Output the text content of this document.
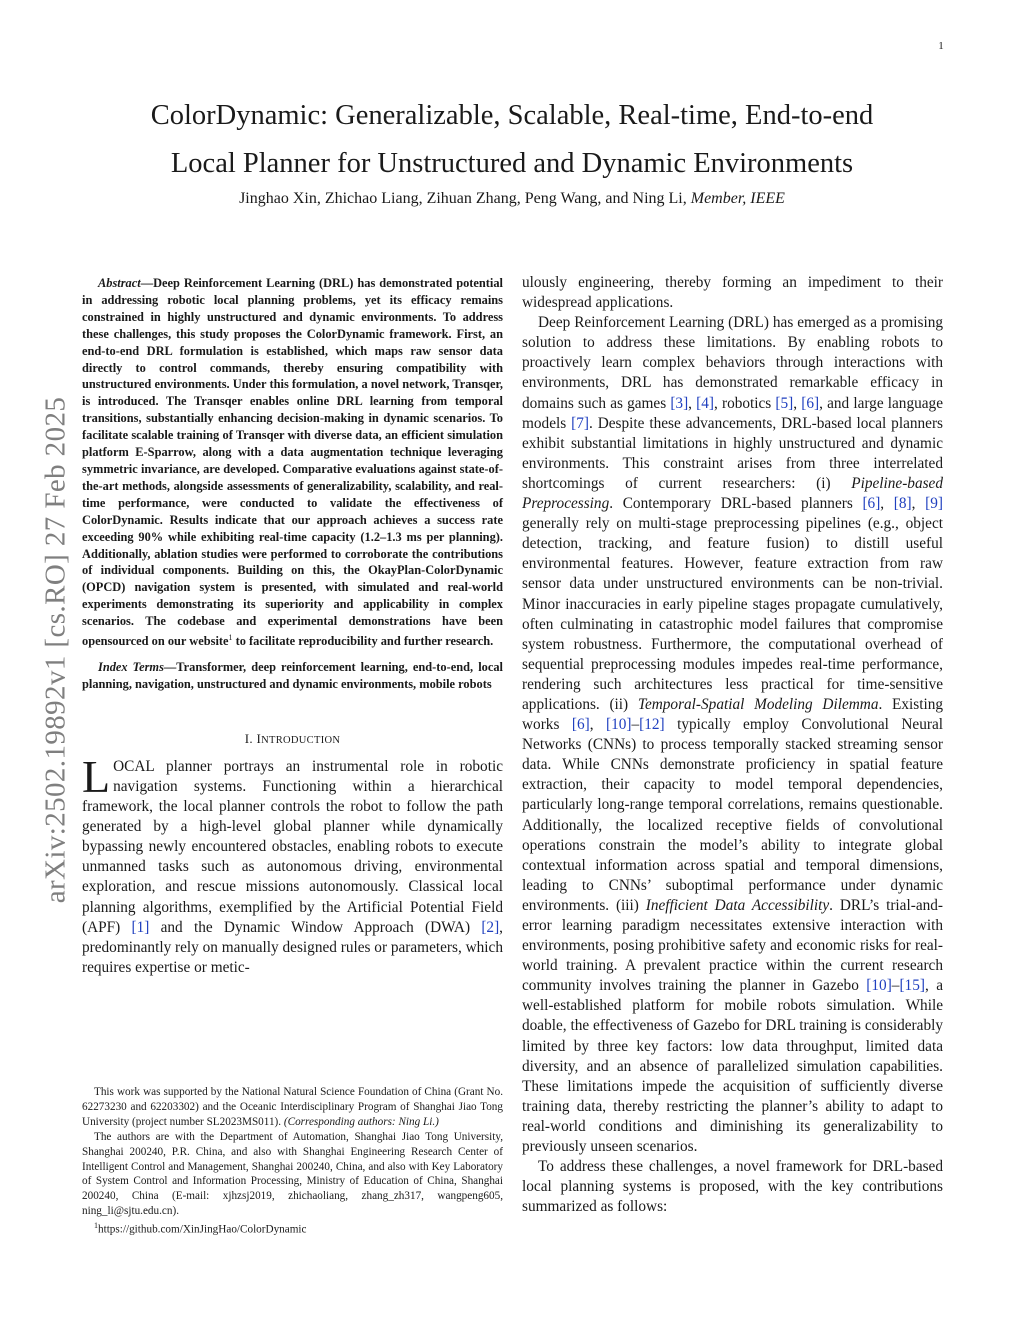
1
arXiv:2502.19892v1 [cs.RO] 27 Feb 2025
ColorDynamic: Generalizable, Scalable, Real-time, End-to-end
Local Planner for Unstructured and Dynamic Environments
Jinghao Xin, Zhichao Liang, Zihuan Zhang, Peng Wang, and Ning Li, Member, IEEE

Abstract—Deep Reinforcement Learning (DRL) has demonstrated potential in addressing robotic local planning problems, yet its efficacy remains constrained in highly unstructured and dynamic environments. To address these challenges, this study proposes the ColorDynamic framework. First, an end-to-end DRL formulation is established, which maps raw sensor data directly to control commands, thereby ensuring compatibility with unstructured environments. Under this formulation, a novel network, Transqer, is introduced. The Transqer enables online DRL learning from temporal transitions, substantially enhancing decision-making in dynamic scenarios. To facilitate scalable training of Transqer with diverse data, an efficient simulation platform E-Sparrow, along with a data augmentation technique leveraging symmetric invariance, are developed. Comparative evaluations against state-of-the-art methods, alongside assessments of generalizability, scalability, and real-time performance, were conducted to validate the effectiveness of ColorDynamic. Results indicate that our approach achieves a success rate exceeding 90% while exhibiting real-time capacity (1.2–1.3 ms per planning). Additionally, ablation studies were performed to corroborate the contributions of individual components. Building on this, the OkayPlan-ColorDynamic (OPCD) navigation system is presented, with simulated and real-world experiments demonstrating its superiority and applicability in complex scenarios. The codebase and experimental demonstrations have been opensourced on our website$^1$ to facilitate reproducibility and further research.

Index Terms—Transformer, deep reinforcement learning, end-to-end, local planning, navigation, unstructured and dynamic environments, mobile robots

I. INTRODUCTION

LOCAL planner portrays an instrumental role in robotic navigation systems. Functioning within a hierarchical framework, the local planner controls the robot to follow the path generated by a high-level global planner while dynamically bypassing newly encountered obstacles, enabling robots to execute unmanned tasks such as autonomous driving, environmental exploration, and rescue missions autonomously. Classical local planning algorithms, exemplified by the Artificial Potential Field (APF) [1] and the Dynamic Window Approach (DWA) [2], predominantly rely on manually designed rules or parameters, which requires expertise or metic-

This work was supported by the National Natural Science Foundation of China (Grant No. 62273230 and 62203302) and the Oceanic Interdisciplinary Program of Shanghai Jiao Tong University (project number SL2023MS011). (Corresponding authors: Ning Li.)

The authors are with the Department of Automation, Shanghai Jiao Tong University, Shanghai 200240, P.R. China, and also with Shanghai Engineering Research Center of Intelligent Control and Management, Shanghai 200240, China, and also with Key Laboratory of System Control and Information Processing, Ministry of Education of China, Shanghai 200240, China (E-mail: xjhzsj2019, zhichaoliang, zhang_zh317, wangpeng605, ning_li@sjtu.edu.cn).

$^1$https://github.com/XinJingHao/ColorDynamic

ulously engineering, thereby forming an impediment to their widespread applications.

Deep Reinforcement Learning (DRL) has emerged as a promising solution to address these limitations. By enabling robots to proactively learn complex behaviors through interactions with environments, DRL has demonstrated remarkable efficacy in domains such as games [3], [4], robotics [5], [6], and large language models [7]. Despite these advancements, DRL-based local planners exhibit substantial limitations in highly unstructured and dynamic environments. This constraint arises from three interrelated shortcomings of current researchers: (i) Pipeline-based Preprocessing. Contemporary DRL-based planners [6], [8], [9] generally rely on multi-stage preprocessing pipelines (e.g., object detection, tracking, and feature fusion) to distill useful environmental features. However, feature extraction from raw sensor data under unstructured environments can be non-trivial. Minor inaccuracies in early pipeline stages propagate cumulatively, often culminating in catastrophic model failures that compromise system robustness. Furthermore, the computational overhead of sequential preprocessing modules impedes real-time performance, rendering such architectures less practical for time-sensitive applications. (ii) Temporal-Spatial Modeling Dilemma. Existing works [6], [10]–[12] typically employ Convolutional Neural Networks (CNNs) to process temporally stacked streaming sensor data. While CNNs demonstrate proficiency in spatial feature extraction, their capacity to model temporal dependencies, particularly long-range temporal correlations, remains questionable. Additionally, the localized receptive fields of convolutional operations constrain the model’s ability to integrate global contextual information across spatial and temporal dimensions, leading to CNNs’ suboptimal performance under dynamic environments. (iii) Inefficient Data Accessibility. DRL’s trial-and-error learning paradigm necessitates extensive interaction with environments, posing prohibitive safety and economic risks for real-world training. A prevalent practice within the current research community involves training the planner in Gazebo [10]–[15], a well-established platform for mobile robots simulation. While doable, the effectiveness of Gazebo for DRL training is considerably limited by three key factors: low data throughput, limited data diversity, and an absence of parallelized simulation capabilities. These limitations impede the acquisition of sufficiently diverse training data, thereby restricting the planner’s ability to adapt to real-world conditions and diminishing its generalizability to previously unseen scenarios.

To address these challenges, a novel framework for DRL-based local planning systems is proposed, with the key contributions summarized as follows:
